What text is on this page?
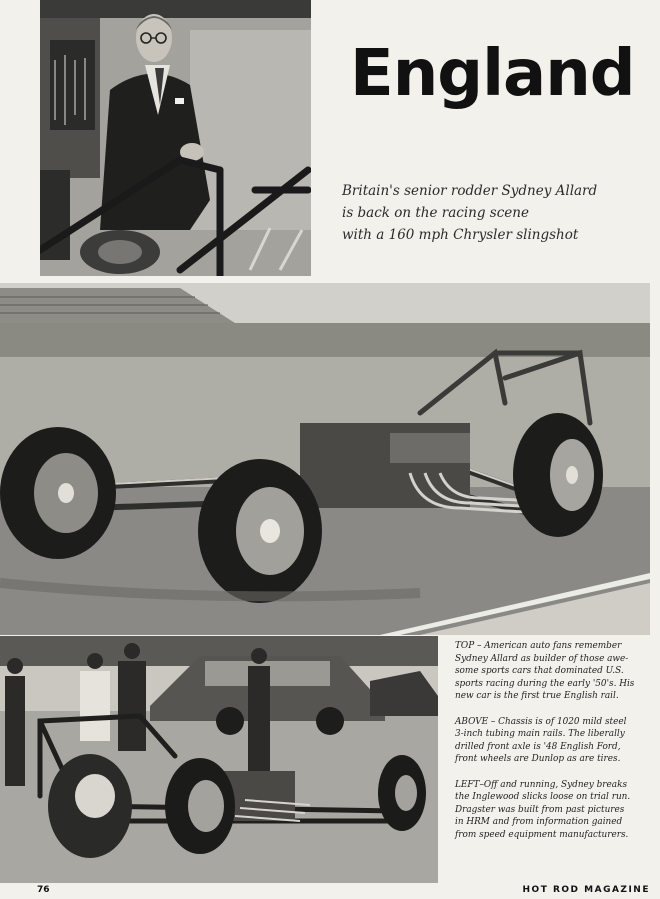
England
Britain's senior rodder Sydney Allard
is back on the racing scene
with a 160 mph Chrysler slingshot
TOP – American auto fans remember
Sydney Allard as builder of those awe-
some sports cars that dominated U.S.
sports racing during the early '50's. His
new car is the first true English rail.
ABOVE – Chassis is of 1020 mild steel
3-inch tubing main rails. The liberally
drilled front axle is '48 English Ford,
front wheels are Dunlop as are tires.
LEFT–Off and running, Sydney breaks
the Inglewood slicks loose on trial run.
Dragster was built from past pictures
in HRM and from information gained
from speed equipment manufacturers.
76	HOT ROD MAGAZINE
